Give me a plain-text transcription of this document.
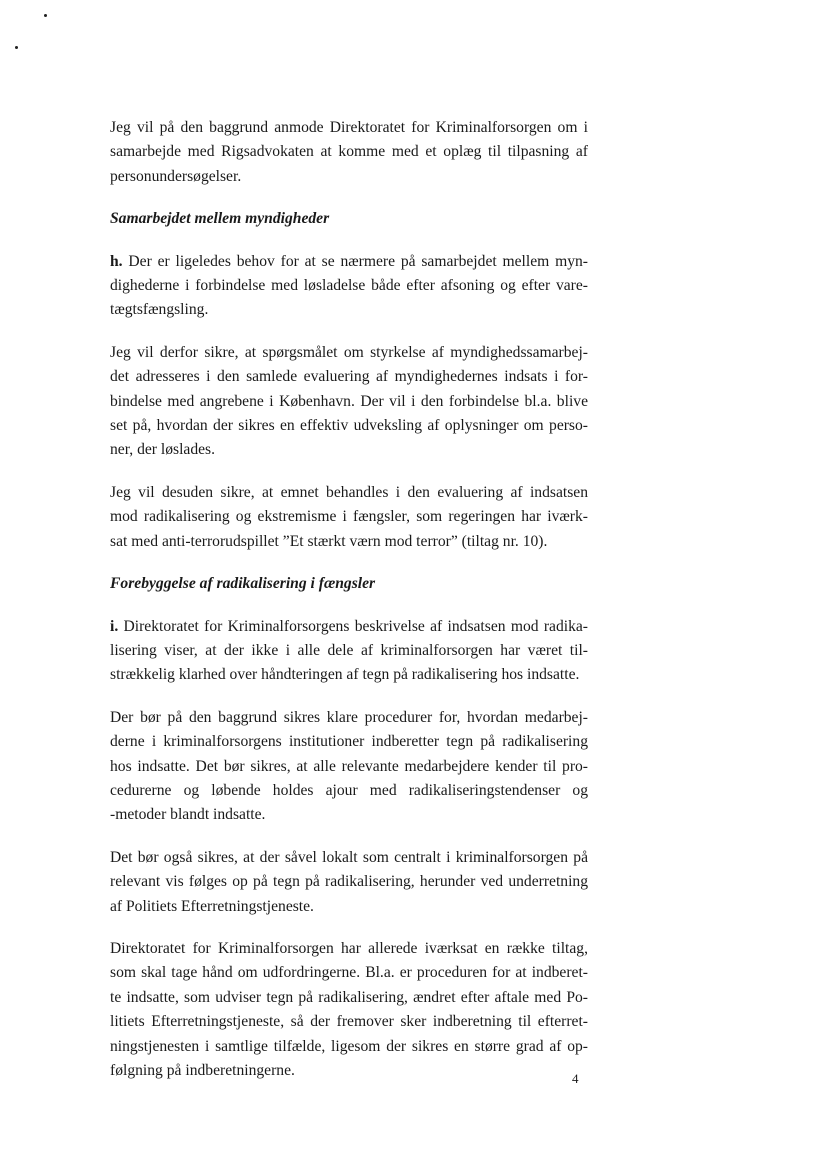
Jeg vil på den baggrund anmode Direktoratet for Kriminalforsorgen om i
samarbejde med Rigsadvokaten at komme med et oplæg til tilpasning af
personundersøgelser.

Samarbejdet mellem myndigheder

h. Der er ligeledes behov for at se nærmere på samarbejdet mellem myn-
dighederne i forbindelse med løsladelse både efter afsoning og efter vare-
tægtsfængsling.

Jeg vil derfor sikre, at spørgsmålet om styrkelse af myndighedssamarbej-
det adresseres i den samlede evaluering af myndighedernes indsats i for-
bindelse med angrebene i København. Der vil i den forbindelse bl.a. blive
set på, hvordan der sikres en effektiv udveksling af oplysninger om perso-
ner, der løslades.

Jeg vil desuden sikre, at emnet behandles i den evaluering af indsatsen
mod radikalisering og ekstremisme i fængsler, som regeringen har iværk-
sat med anti-terrorudspillet ”Et stærkt værn mod terror” (tiltag nr. 10).

Forebyggelse af radikalisering i fængsler

i. Direktoratet for Kriminalforsorgens beskrivelse af indsatsen mod radika-
lisering viser, at der ikke i alle dele af kriminalforsorgen har været til-
strækkelig klarhed over håndteringen af tegn på radikalisering hos indsatte.

Der bør på den baggrund sikres klare procedurer for, hvordan medarbej-
derne i kriminalforsorgens institutioner indberetter tegn på radikalisering
hos indsatte. Det bør sikres, at alle relevante medarbejdere kender til pro-
cedurerne og løbende holdes ajour med radikaliseringstendenser og
-metoder blandt indsatte.

Det bør også sikres, at der såvel lokalt som centralt i kriminalforsorgen på
relevant vis følges op på tegn på radikalisering, herunder ved underretning
af Politiets Efterretningstjeneste.

Direktoratet for Kriminalforsorgen har allerede iværksat en række tiltag,
som skal tage hånd om udfordringerne. Bl.a. er proceduren for at indberet-
te indsatte, som udviser tegn på radikalisering, ændret efter aftale med Po-
litiets Efterretningstjeneste, så der fremover sker indberetning til efterret-
ningstjenesten i samtlige tilfælde, ligesom der sikres en større grad af op-
følgning på indberetningerne.	4
